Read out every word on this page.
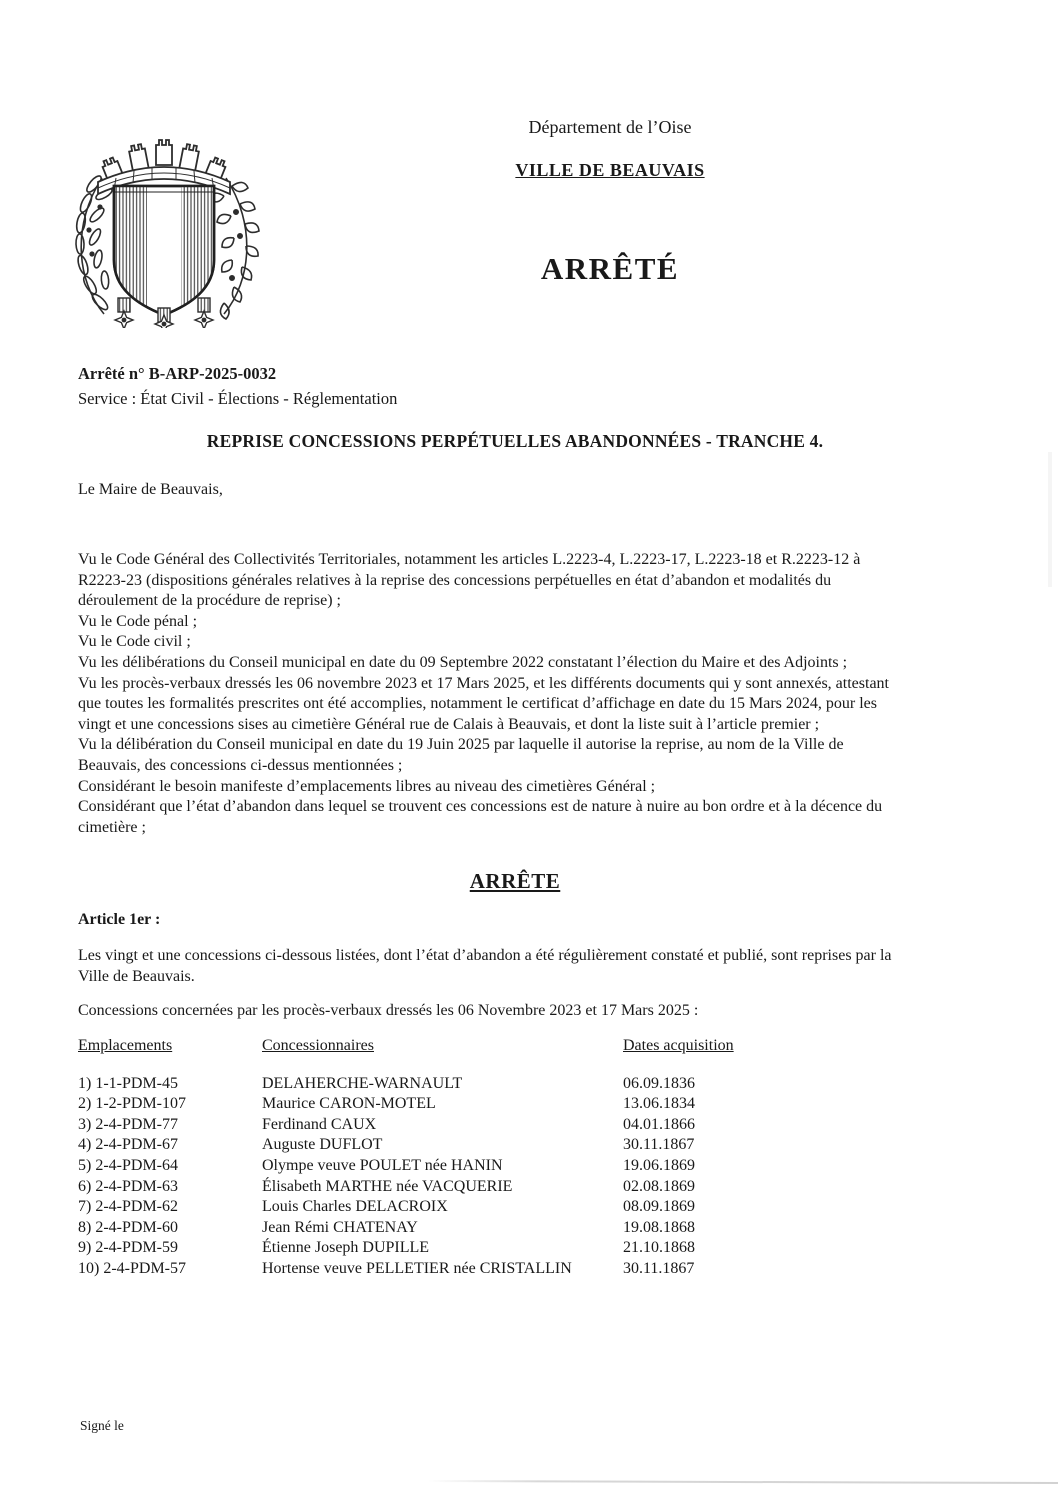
Département de l’Oise
VILLE DE BEAUVAIS
ARRÊTÉ
Arrêté n° B-ARP-2025-0032
Service : État Civil - Élections - Réglementation
REPRISE CONCESSIONS PERPÉTUELLES ABANDONNÉES - TRANCHE 4.
Le Maire de Beauvais,
Vu le Code Général des Collectivités Territoriales, notamment les articles L.2223-4, L.2223-17, L.2223-18 et R.2223-12 à
R2223-23 (dispositions générales relatives à la reprise des concessions perpétuelles en état d’abandon et modalités du
déroulement de la procédure de reprise) ;
Vu le Code pénal ;
Vu le Code civil ;
Vu les délibérations du Conseil municipal en date du 09 Septembre 2022 constatant l’élection du Maire et des Adjoints ;
Vu les procès-verbaux dressés les 06 novembre 2023 et 17 Mars 2025, et les différents documents qui y sont annexés, attestant
que toutes les formalités prescrites ont été accomplies, notamment le certificat d’affichage en date du 15 Mars 2024, pour les
vingt et une concessions sises au cimetière Général rue de Calais à Beauvais, et dont la liste suit à l’article premier ;
Vu la délibération du Conseil municipal en date du 19 Juin 2025 par laquelle il autorise la reprise, au nom de la Ville de
Beauvais, des concessions ci-dessus mentionnées ;
Considérant le besoin manifeste d’emplacements libres au niveau des cimetières Général ;
Considérant que l’état d’abandon dans lequel se trouvent ces concessions est de nature à nuire au bon ordre et à la décence du
cimetière ;
ARRÊTE
Article 1er :
Les vingt et une concessions ci-dessous listées, dont l’état d’abandon a été régulièrement constaté et publié, sont reprises par la
Ville de Beauvais.
Concessions concernées par les procès-verbaux dressés les 06 Novembre 2023 et 17 Mars 2025 :
Emplacements	Concessionnaires	Dates acquisition
1) 1-1-PDM-45	DELAHERCHE-WARNAULT	06.09.1836
2) 1-2-PDM-107	Maurice CARON-MOTEL	13.06.1834
3) 2-4-PDM-77	Ferdinand CAUX	04.01.1866
4) 2-4-PDM-67	Auguste DUFLOT	30.11.1867
5) 2-4-PDM-64	Olympe veuve POULET née HANIN	19.06.1869
6) 2-4-PDM-63	Élisabeth MARTHE née VACQUERIE	02.08.1869
7) 2-4-PDM-62	Louis Charles DELACROIX	08.09.1869
8) 2-4-PDM-60	Jean Rémi CHATENAY	19.08.1868
9) 2-4-PDM-59	Étienne Joseph DUPILLE	21.10.1868
10) 2-4-PDM-57	Hortense veuve PELLETIER née CRISTALLIN	30.11.1867
Signé le
